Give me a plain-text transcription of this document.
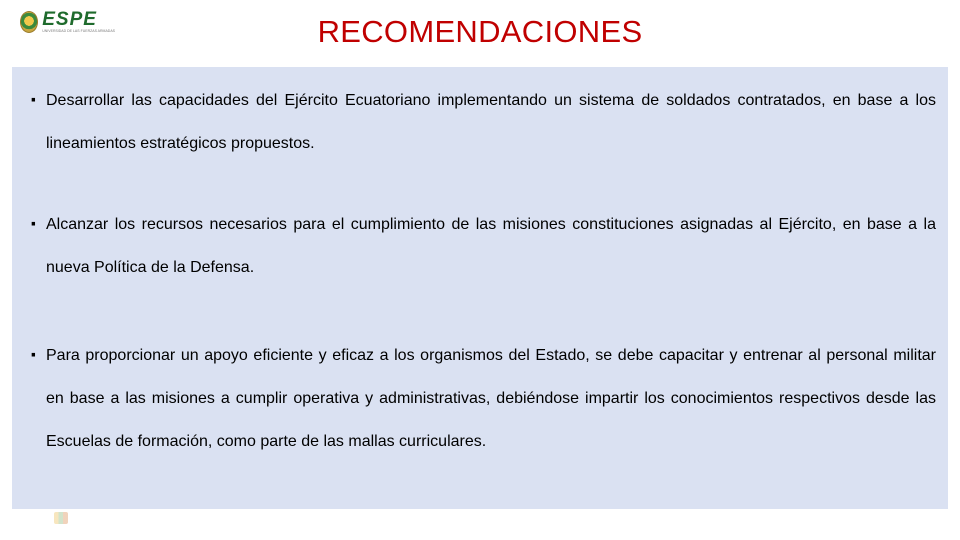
ESPE
UNIVERSIDAD DE LAS FUERZAS ARMADAS	RECOMENDACIONES
·
Desarrollar las capacidades del Ejército Ecuatoriano implementando un sistema de soldados contratados, en base a los lineamientos estratégicos propuestos.
·
Alcanzar los recursos necesarios para el cumplimiento de las misiones constituciones asignadas al Ejército, en base a la nueva Política de la Defensa.
·
Para proporcionar un apoyo eficiente y eficaz a los organismos del Estado, se debe capacitar y entrenar al personal militar en base a las misiones a cumplir operativa y administrativas, debiéndose impartir los conocimientos respectivos desde las Escuelas de formación, como parte de las mallas curriculares.
